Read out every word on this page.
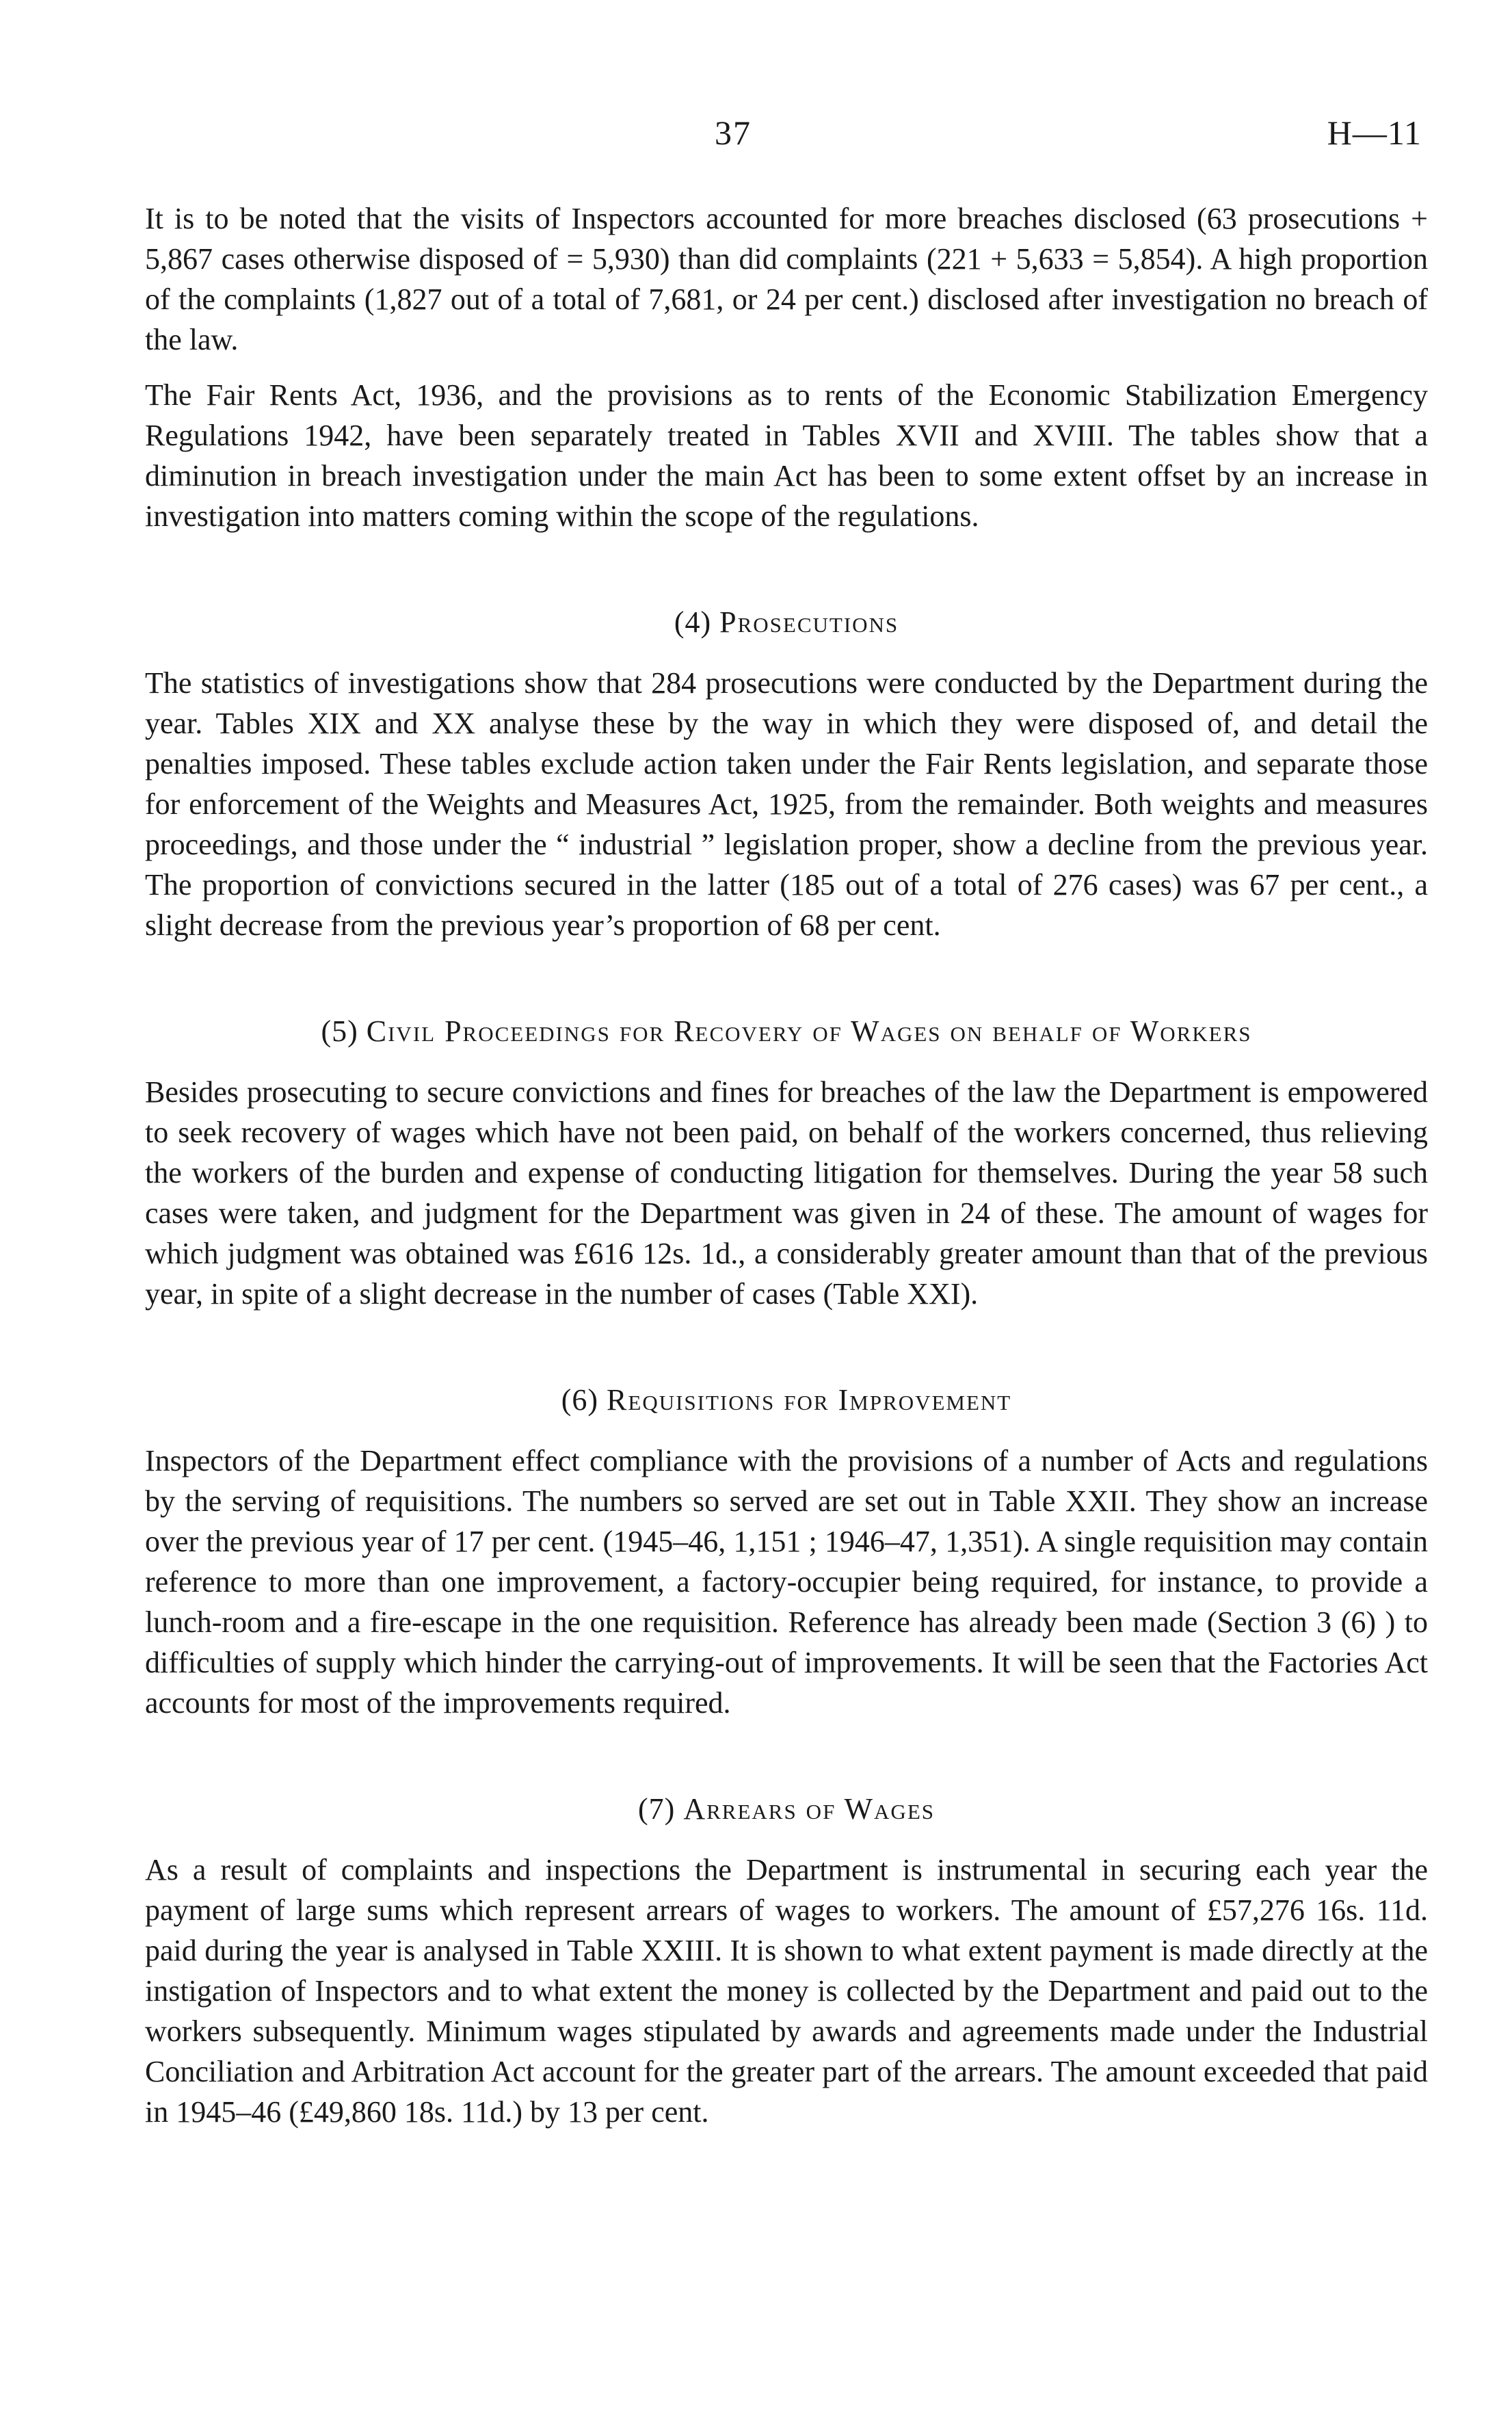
37	H—11

It is to be noted that the visits of Inspectors accounted for more breaches disclosed (63 prosecutions + 5,867 cases otherwise disposed of = 5,930) than did complaints (221 + 5,633 = 5,854). A high proportion of the complaints (1,827 out of a total of 7,681, or 24 per cent.) disclosed after investigation no breach of the law.

The Fair Rents Act, 1936, and the provisions as to rents of the Economic Stabilization Emergency Regulations 1942, have been separately treated in Tables XVII and XVIII. The tables show that a diminution in breach investigation under the main Act has been to some extent offset by an increase in investigation into matters coming within the scope of the regulations.

(4) Prosecutions

The statistics of investigations show that 284 prosecutions were conducted by the Department during the year. Tables XIX and XX analyse these by the way in which they were disposed of, and detail the penalties imposed. These tables exclude action taken under the Fair Rents legislation, and separate those for enforcement of the Weights and Measures Act, 1925, from the remainder. Both weights and measures proceedings, and those under the “ industrial ” legislation proper, show a decline from the previous year. The proportion of convictions secured in the latter (185 out of a total of 276 cases) was 67 per cent., a slight decrease from the previous year’s proportion of 68 per cent.

(5) Civil Proceedings for Recovery of Wages on behalf of Workers

Besides prosecuting to secure convictions and fines for breaches of the law the Department is empowered to seek recovery of wages which have not been paid, on behalf of the workers concerned, thus relieving the workers of the burden and expense of conducting litigation for themselves. During the year 58 such cases were taken, and judgment for the Department was given in 24 of these. The amount of wages for which judgment was obtained was £616 12s. 1d., a considerably greater amount than that of the previous year, in spite of a slight decrease in the number of cases (Table XXI).

(6) Requisitions for Improvement

Inspectors of the Department effect compliance with the provisions of a number of Acts and regulations by the serving of requisitions. The numbers so served are set out in Table XXII. They show an increase over the previous year of 17 per cent. (1945–46, 1,151 ; 1946–47, 1,351). A single requisition may contain reference to more than one improvement, a factory-occupier being required, for instance, to provide a lunch-room and a fire-escape in the one requisition. Reference has already been made (Section 3 (6) ) to difficulties of supply which hinder the carrying-out of improvements. It will be seen that the Factories Act accounts for most of the improvements required.

(7) Arrears of Wages

As a result of complaints and inspections the Department is instrumental in securing each year the payment of large sums which represent arrears of wages to workers. The amount of £57,276 16s. 11d. paid during the year is analysed in Table XXIII. It is shown to what extent payment is made directly at the instigation of Inspectors and to what extent the money is collected by the Department and paid out to the workers subsequently. Minimum wages stipulated by awards and agreements made under the Industrial Conciliation and Arbitration Act account for the greater part of the arrears. The amount exceeded that paid in 1945–46 (£49,860 18s. 11d.) by 13 per cent.
